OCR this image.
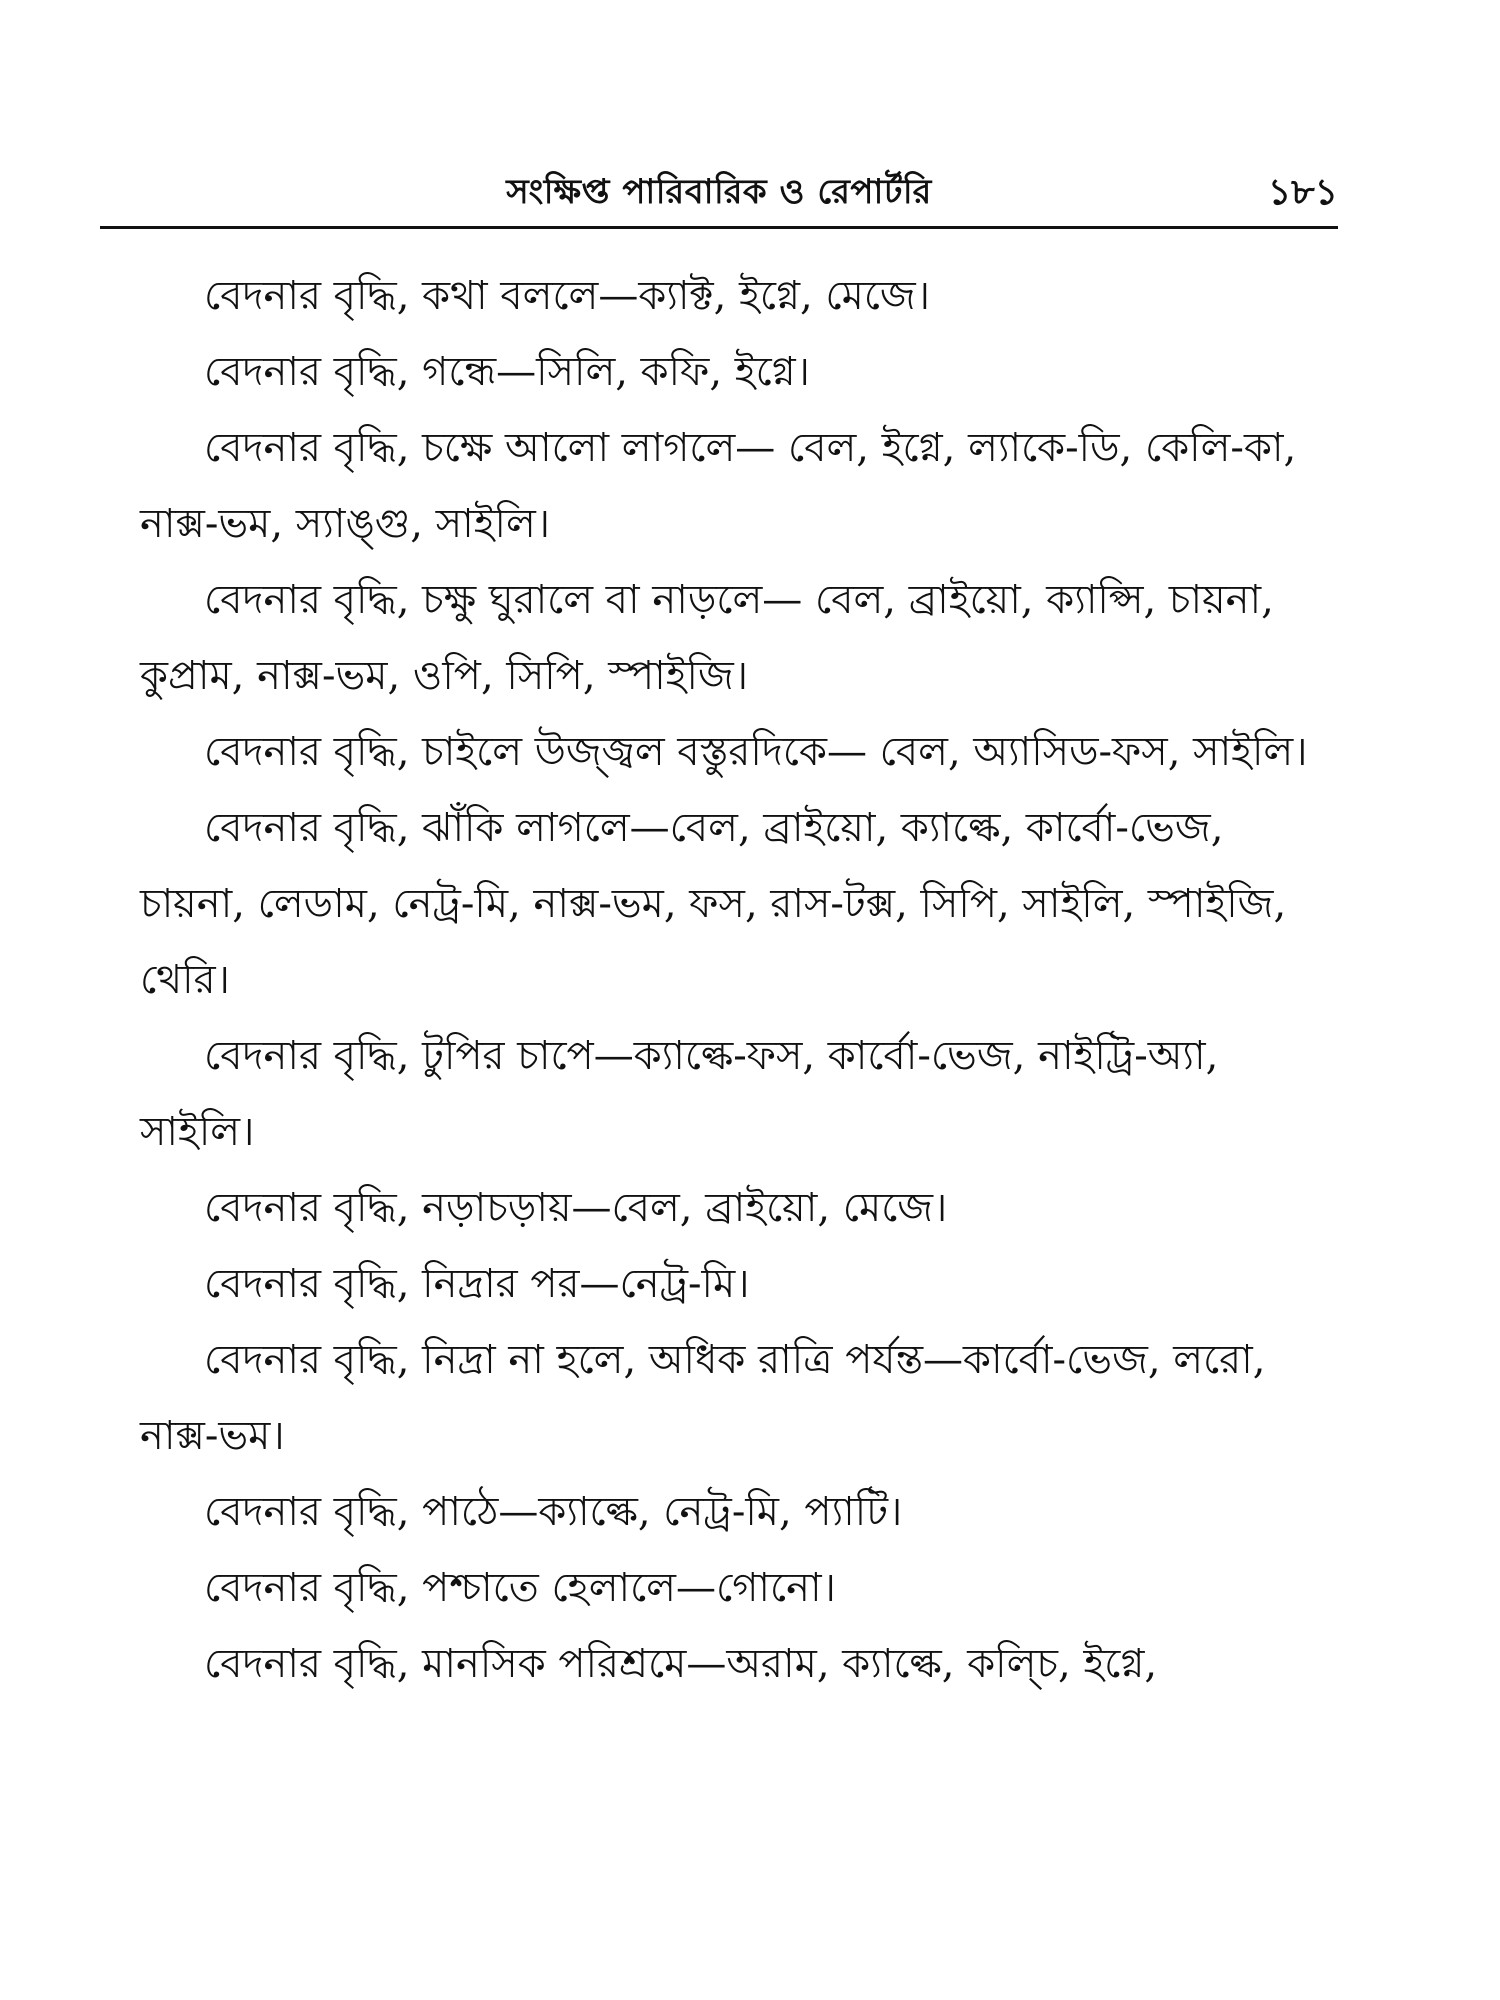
সংক্ষিপ্ত পারিবারিক ও রেপার্টরি	১৮১

বেদনার বৃদ্ধি, কথা বললে—ক্যাক্ট, ইগ্নে, মেজে।

বেদনার বৃদ্ধি, গন্ধে—সিলি, কফি, ইগ্নে।

বেদনার বৃদ্ধি, চক্ষে আলো লাগলে— বেল, ইগ্নে, ল্যাকে-ডি, কেলি-কা, নাক্স-ভম, স্যাঙ্গু, সাইলি।

বেদনার বৃদ্ধি, চক্ষু ঘুরালে বা নাড়লে— বেল, ব্রাইয়ো, ক্যাপ্সি, চায়না, কুপ্রাম, নাক্স-ভম, ওপি, সিপি, স্পাইজি।

বেদনার বৃদ্ধি, চাইলে উজ্জ্বল বস্তুরদিকে— বেল, অ্যাসিড-ফস, সাইলি।

বেদনার বৃদ্ধি, ঝাঁকি লাগলে—বেল, ব্রাইয়ো, ক্যাল্কে, কার্বো-ভেজ, চায়না, লেডাম, নেট্র-মি, নাক্স-ভম, ফস, রাস-টক্স, সিপি, সাইলি, স্পাইজি, থেরি।

বেদনার বৃদ্ধি, টুপির চাপে—ক্যাল্কে-ফস, কার্বো-ভেজ, নাইট্রি-অ্যা, সাইলি।

বেদনার বৃদ্ধি, নড়াচড়ায়—বেল, ব্রাইয়ো, মেজে।

বেদনার বৃদ্ধি, নিদ্রার পর—নেট্র-মি।

বেদনার বৃদ্ধি, নিদ্রা না হলে, অধিক রাত্রি পর্যন্ত—কার্বো-ভেজ, লরো, নাক্স-ভম।

বেদনার বৃদ্ধি, পাঠে—ক্যাল্কে, নেট্র-মি, প্যাটি।

বেদনার বৃদ্ধি, পশ্চাতে হেলালে—গোনো।

বেদনার বৃদ্ধি, মানসিক পরিশ্রমে—অরাম, ক্যাল্কে, কল্চি, ইগ্নে,
